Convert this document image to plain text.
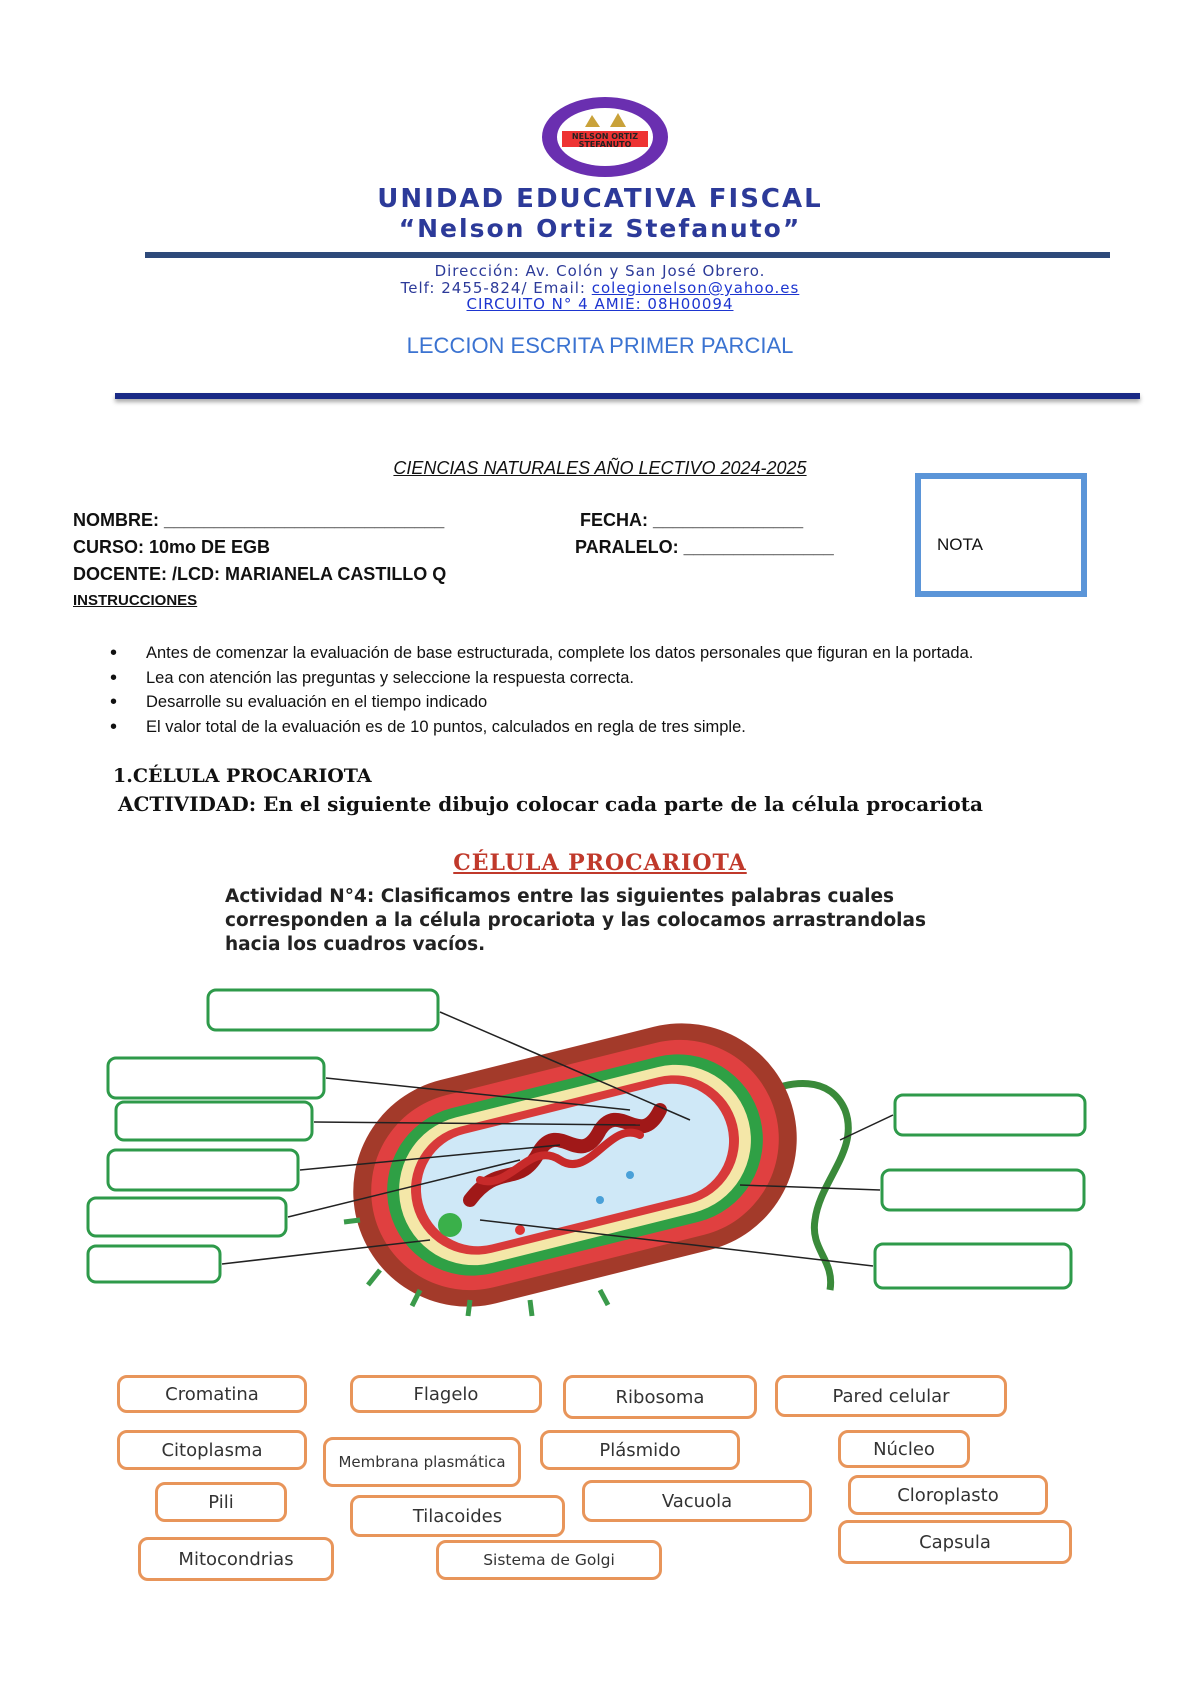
NELSON ORTIZ
STEFANUTO
UNIDAD EDUCATIVA FISCAL
“Nelson Ortiz Stefanuto”
Dirección: Av. Colón y San José Obrero.
Telf: 2455-824/ Email: colegionelson@yahoo.es
CIRCUITO N° 4 AMIE: 08H00094
LECCION ESCRITA PRIMER PARCIAL
CIENCIAS NATURALES AÑO LECTIVO 2024-2025
NOMBRE: ____________________________	FECHA: _______________
CURSO: 10mo DE EGB	PARALELO: _______________
DOCENTE: /LCD: MARIANELA CASTILLO Q
INSTRUCCIONES
NOTA
• Antes de comenzar la evaluación de base estructurada, complete los datos personales que figuran en la portada.
• Lea con atención las preguntas y seleccione la respuesta correcta.
• Desarrolle su evaluación en el tiempo indicado
• El valor total de la evaluación es de 10 puntos, calculados en regla de tres simple.
1.CÉLULA PROCARIOTA
ACTIVIDAD: En el siguiente dibujo colocar cada parte de la célula procariota
CÉLULA PROCARIOTA
Actividad N°4: Clasificamos entre las siguientes palabras cuales corresponden a la célula procariota y las colocamos arrastrandolas hacia los cuadros vacíos.
Cromatina	Flagelo	Ribosoma	Pared celular
Citoplasma
Membrana plasmática
Plásmido	Núcleo
Pili
Tilacoides
Vacuola	Cloroplasto
Mitocondrias	Sistema de Golgi
Capsula
